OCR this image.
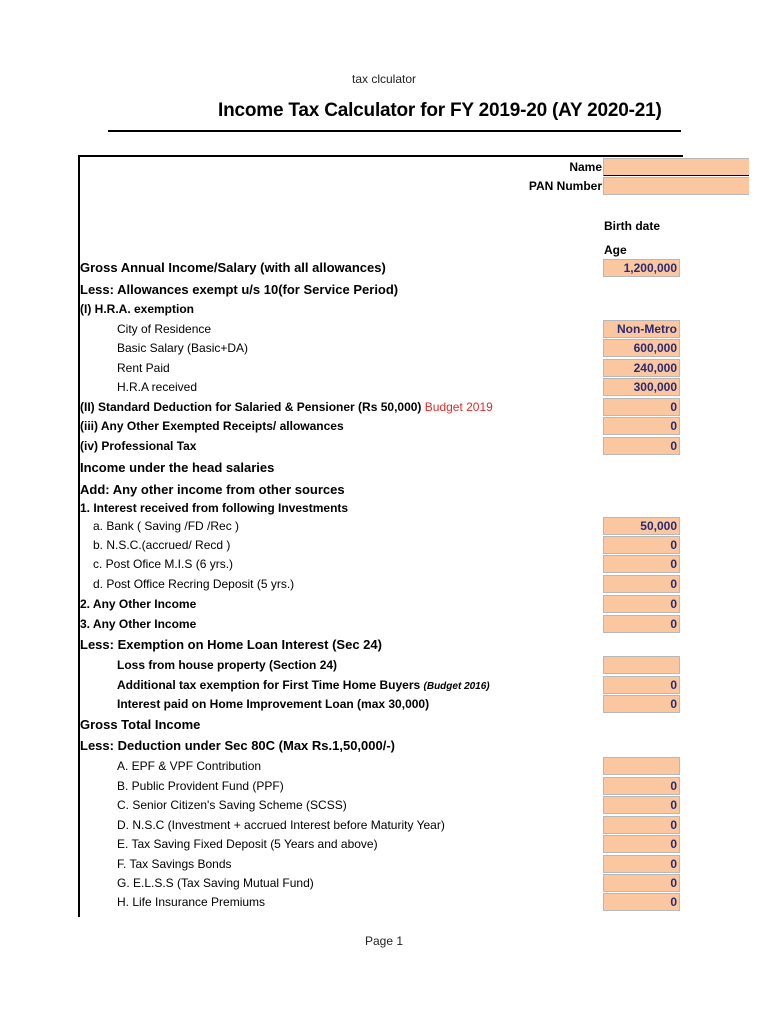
tax clculator
Income Tax Calculator for FY 2019-20 (AY 2020-21)
Name
PAN Number
Birth date
Age
Gross Annual Income/Salary (with all allowances)	1,200,000
Less: Allowances exempt u/s 10(for Service Period)
(I) H.R.A. exemption
City of Residence	Non-Metro
Basic Salary (Basic+DA)	600,000
Rent Paid	240,000
H.R.A received	300,000
(II) Standard Deduction for Salaried & Pensioner (Rs 50,000) Budget 2019	0
(iii) Any Other Exempted Receipts/ allowances	0
(iv) Professional Tax	0
Income under the head salaries
Add: Any other income from other sources
1. Interest received from following Investments
a. Bank ( Saving /FD /Rec )	50,000
b. N.S.C.(accrued/ Recd )	0
c. Post Ofice M.I.S (6 yrs.)	0
d. Post Office Recring Deposit (5 yrs.)	0
2. Any Other Income	0
3. Any Other Income	0
Less: Exemption on Home Loan Interest (Sec 24)
Loss from house property (Section 24)
Additional tax exemption for First Time Home Buyers (Budget 2016)	0
Interest paid on Home Improvement Loan (max 30,000)	0
Gross Total Income
Less: Deduction under Sec 80C (Max Rs.1,50,000/-)
A. EPF & VPF Contribution
B. Public Provident Fund (PPF)	0
C. Senior Citizen's Saving Scheme (SCSS)	0
D. N.S.C (Investment + accrued Interest before Maturity Year)	0
E. Tax Saving Fixed Deposit (5 Years and above)	0
F. Tax Savings Bonds	0
G. E.L.S.S (Tax Saving Mutual Fund)	0
H. Life Insurance Premiums	0
Page 1
